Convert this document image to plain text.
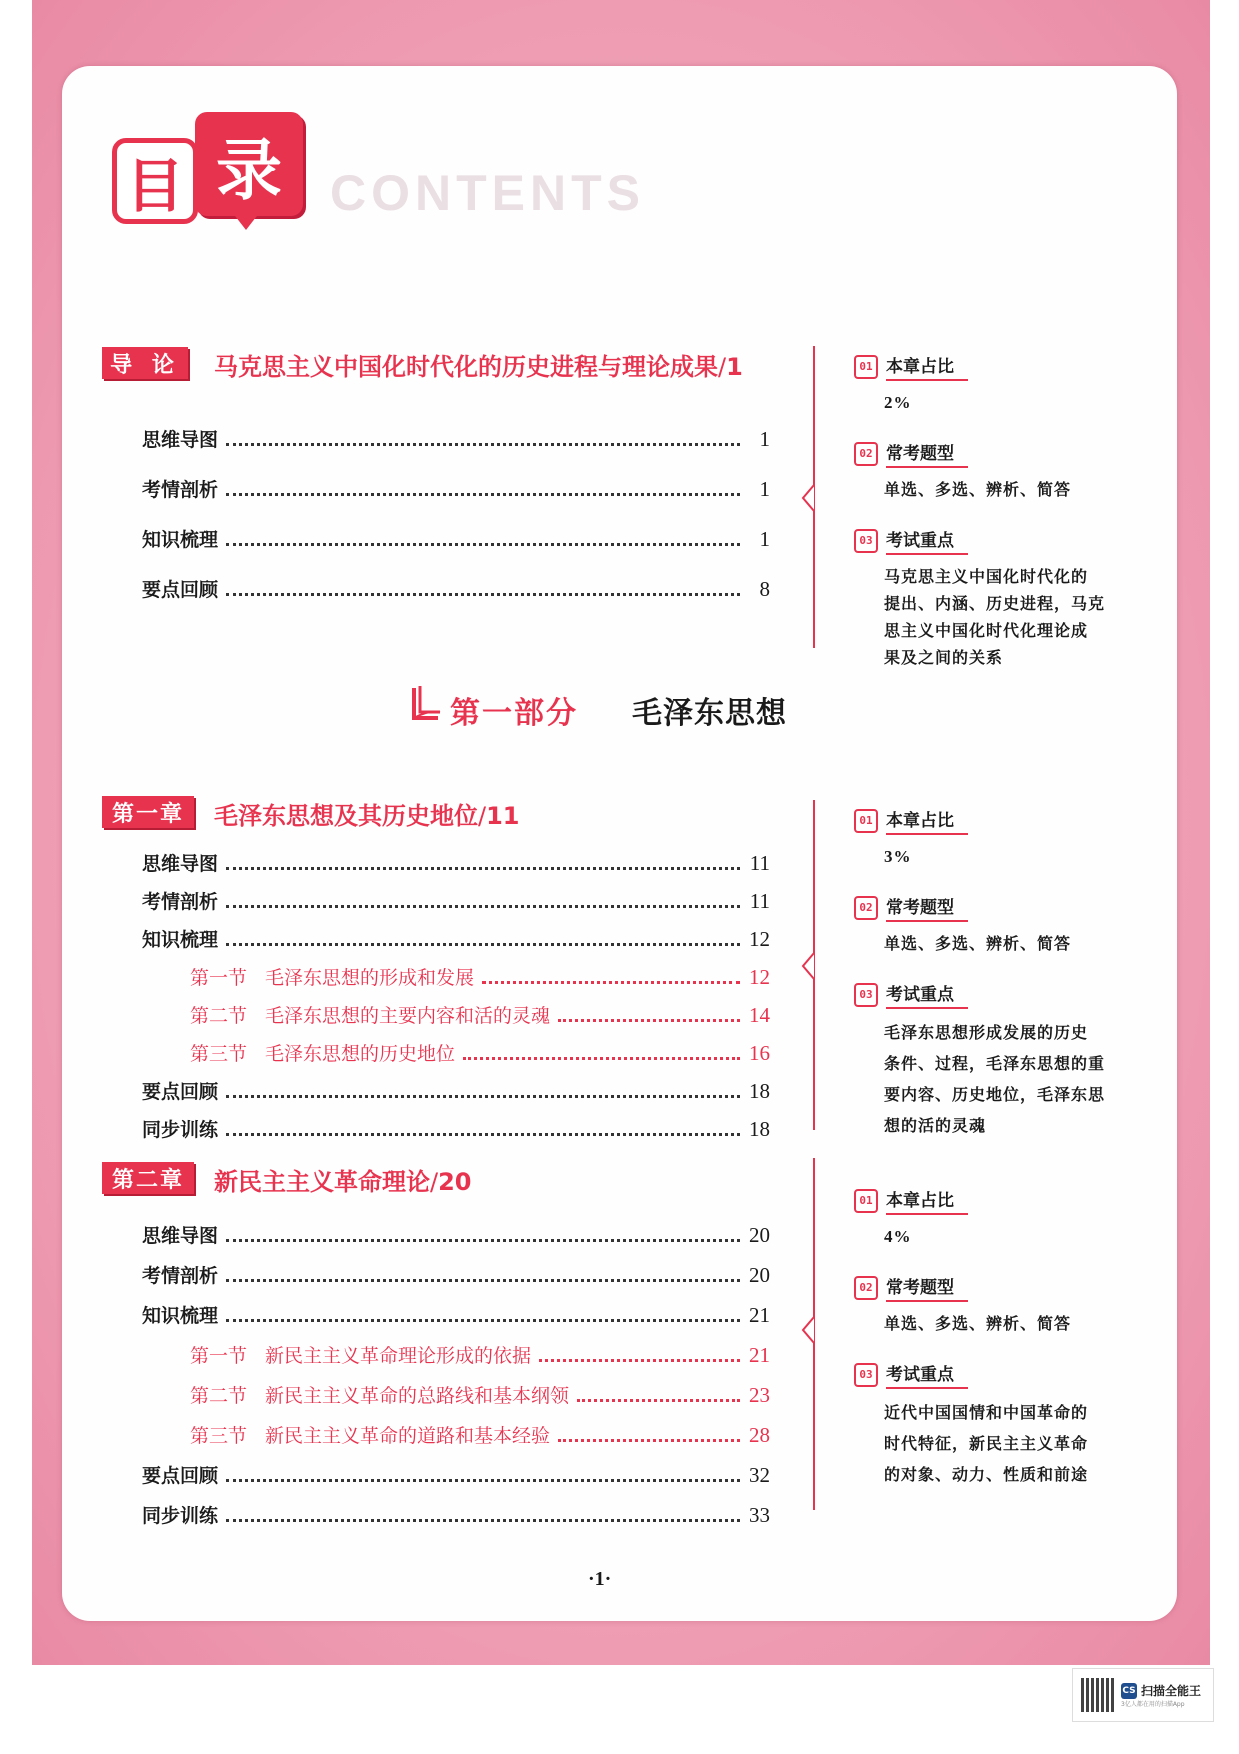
目 录 CONTENTS
导 论	马克思主义中国化时代化的历史进程与理论成果/1
思维导图	1
考情剖析	1
知识梳理	1
要点回顾	8
第一部分 毛泽东思想
第一章	毛泽东思想及其历史地位/11
思维导图	11
考情剖析	11
知识梳理	12
第一节 毛泽东思想的形成和发展	12
第二节 毛泽东思想的主要内容和活的灵魂	14
第三节 毛泽东思想的历史地位	16
要点回顾	18
同步训练	18
第二章	新民主主义革命理论/20
思维导图	20
考情剖析	20
知识梳理	21
第一节 新民主主义革命理论形成的依据	21
第二节 新民主主义革命的总路线和基本纲领	23
第三节 新民主主义革命的道路和基本经验	28
要点回顾	32
同步训练	33
01 本章占比
2%
02 常考题型
单选、多选、辨析、简答
03 考试重点
马克思主义中国化时代化的
提出、内涵、历史进程，马克
思主义中国化时代化理论成
果及之间的关系
01 本章占比
3%
02 常考题型
单选、多选、辨析、简答
03 考试重点
毛泽东思想形成发展的历史
条件、过程，毛泽东思想的重
要内容、历史地位，毛泽东思
想的活的灵魂
01 本章占比
4%
02 常考题型
单选、多选、辨析、简答
03 考试重点
近代中国国情和中国革命的
时代特征，新民主主义革命
的对象、动力、性质和前途
·1·
CS 扫描全能王
3亿人都在用的扫描App
